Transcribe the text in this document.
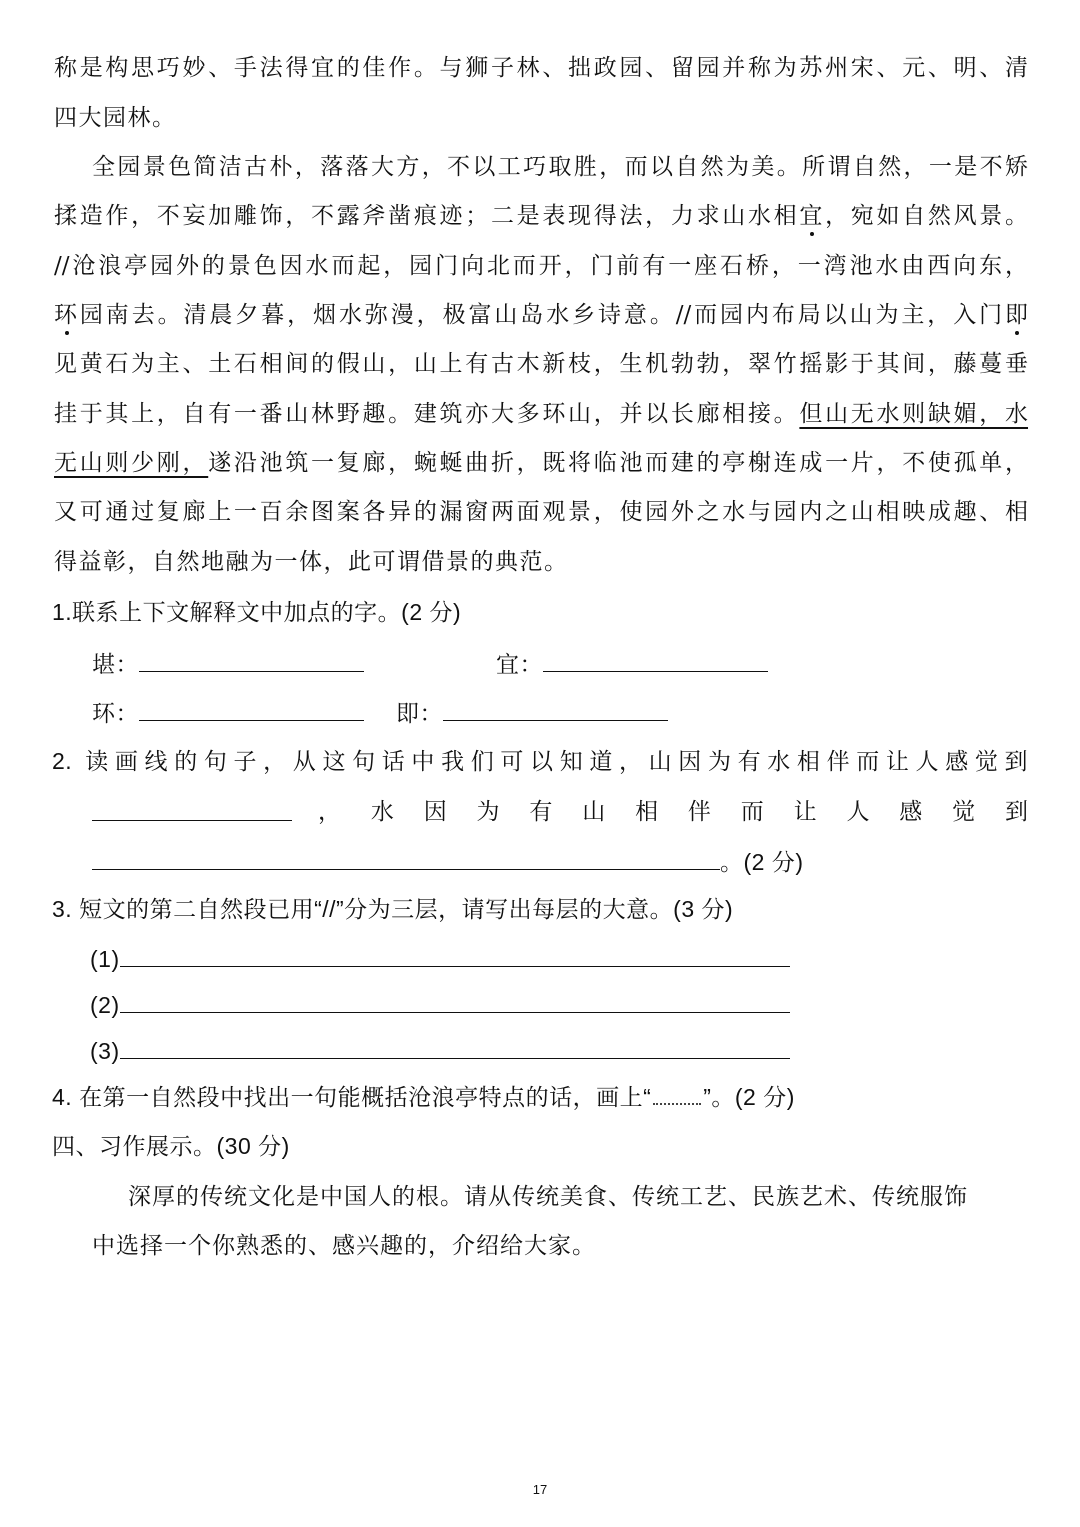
称是构思巧妙、手法得宜的佳作。与狮子林、拙政园、留园并称为苏州宋、元、明、清
四大园林。
全园景色简洁古朴，落落大方，不以工巧取胜，而以自然为美。所谓自然，一是不矫
揉造作，不妄加雕饰，不露斧凿痕迹；二是表现得法，力求山水相宜，宛如自然风景。
//沧浪亭园外的景色因水而起，园门向北而开，门前有一座石桥，一湾池水由西向东，
环园南去。清晨夕暮，烟水弥漫，极富山岛水乡诗意。//而园内布局以山为主，入门即
见黄石为主、土石相间的假山，山上有古木新枝，生机勃勃，翠竹摇影于其间，藤蔓垂
挂于其上，自有一番山林野趣。建筑亦大多环山，并以长廊相接。但山无水则缺媚，水
无山则少刚，遂沿池筑一复廊，蜿蜒曲折，既将临池而建的亭榭连成一片，不使孤单，
又可通过复廊上一百余图案各异的漏窗两面观景，使园外之水与园内之山相映成趣、相
得益彰，自然地融为一体，此可谓借景的典范。
1.联系上下文解释文中加点的字。(2 分)
堪：	宜：
环：	即：
2. 读画线的句子，从这句话中我们可以知道，山因为有水相伴而让人感觉到
， 水 因 为 有 山 相 伴 而 让 人 感 觉 到
。(2 分)
3. 短文的第二自然段已用“//”分为三层，请写出每层的大意。(3 分)
(1)
(2)
(3)
4. 在第一自然段中找出一句能概括沧浪亭特点的话，画上“ ”。(2 分)
四、习作展示。(30 分)
深厚的传统文化是中国人的根。请从传统美食、传统工艺、民族艺术、传统服饰
中选择一个你熟悉的、感兴趣的，介绍给大家。
17
